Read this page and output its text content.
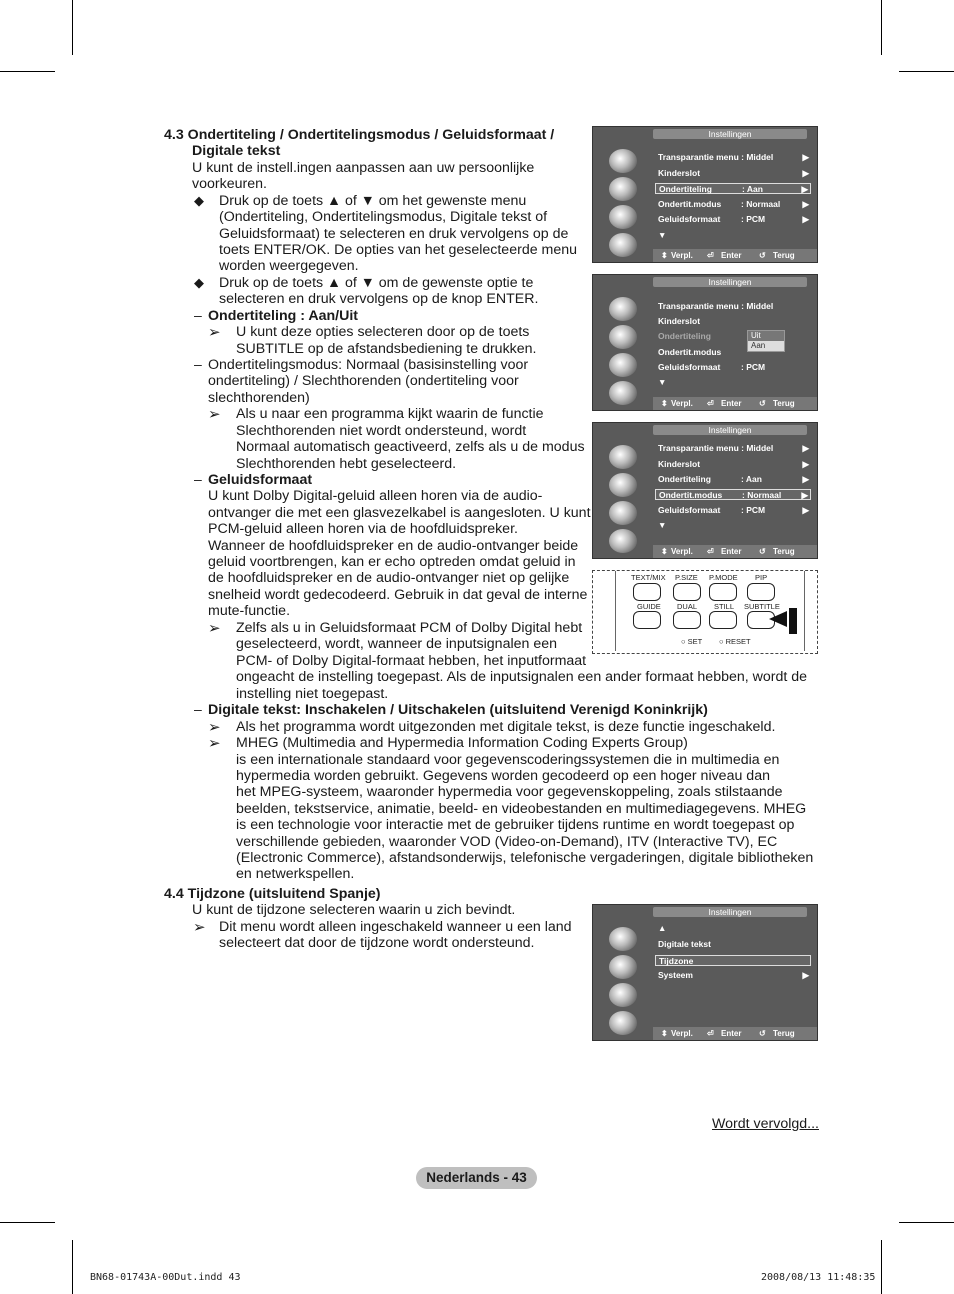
4.3 Ondertiteling / Ondertitelingsmodus / Geluidsformaat /
Digitale tekst
U kunt de instell.ingen aanpassen aan uw persoonlijke
voorkeuren.
◆ Druk op de toets ▲ of ▼ om het gewenste menu
(Ondertiteling, Ondertitelingsmodus, Digitale tekst of
Geluidsformaat) te selecteren en druk vervolgens op de
toets ENTER/OK. De opties van het geselecteerde menu
worden weergegeven.
◆ Druk op de toets ▲ of ▼ om de gewenste optie te
selecteren en druk vervolgens op de knop ENTER.
– Ondertiteling : Aan/Uit
➢ U kunt deze opties selecteren door op de toets
SUBTITLE op de afstandsbediening te drukken.
– Ondertitelingsmodus: Normaal (basisinstelling voor
ondertiteling) / Slechthorenden (ondertiteling voor
slechthorenden)
➢ Als u naar een programma kijkt waarin de functie
Slechthorenden niet wordt ondersteund, wordt
Normaal automatisch geactiveerd, zelfs als u de modus
Slechthorenden hebt geselecteerd.
– Geluidsformaat
U kunt Dolby Digital-geluid alleen horen via de audio-
ontvanger die met een glasvezelkabel is aangesloten. U kunt
PCM-geluid alleen horen via de hoofdluidspreker.
Wanneer de hoofdluidspreker en de audio-ontvanger beide
geluid voortbrengen, kan er echo optreden omdat geluid in
de hoofdluidspreker en de audio-ontvanger niet op gelijke
snelheid wordt gedecodeerd. Gebruik in dat geval de interne
mute-functie.
➢ Zelfs als u in Geluidsformaat PCM of Dolby Digital hebt
geselecteerd, wordt, wanneer de inputsignalen een
PCM- of Dolby Digital-formaat hebben, het inputformaat
ongeacht de instelling toegepast. Als de inputsignalen een ander formaat hebben, wordt de
instelling niet toegepast.
– Digitale tekst: Inschakelen / Uitschakelen (uitsluitend Verenigd Koninkrijk)
➢ Als het programma wordt uitgezonden met digitale tekst, is deze functie ingeschakeld.
➢ MHEG (Multimedia and Hypermedia Information Coding Experts Group)
is een internationale standaard voor gegevenscoderingssystemen die in multimedia en
hypermedia worden gebruikt. Gegevens worden gecodeerd op een hoger niveau dan
het MPEG-systeem, waaronder hypermedia voor gegevenskoppeling, zoals stilstaande
beelden, tekstservice, animatie, beeld- en videobestanden en multimediagegevens. MHEG
is een technologie voor interactie met de gebruiker tijdens runtime en wordt toegepast op
verschillende gebieden, waaronder VOD (Video-on-Demand), ITV (Interactive TV), EC
(Electronic Commerce), afstandsonderwijs, telefonische vergaderingen, digitale bibliotheken
en netwerkspellen.
4.4 Tijdzone (uitsluitend Spanje)
U kunt de tijdzone selecteren waarin u zich bevindt.
➢ Dit menu wordt alleen ingeschakeld wanneer u een land
selecteert dat door de tijdzone wordt ondersteund.
Instellingen
Transparantie menu : Middel	▶
Kinderslot	▶
Ondertiteling	: Aan	▶
Ondertit.modus : Normaal	▶
Geluidsformaat : PCM	▶
▼
⬍ Verpl. ⏎ Enter ↺ Terug
Instellingen
Transparantie menu : Middel
Kinderslot
Ondertiteling
Ondertit.modus
Geluidsformaat : PCM
▼
Uit
Aan
⬍ Verpl. ⏎ Enter ↺ Terug
Instellingen
Transparantie menu : Middel	▶
Kinderslot	▶
Ondertiteling	: Aan	▶
Ondertit.modus : Normaal ▶
Geluidsformaat : PCM	▶
▼
⬍ Verpl. ⏎ Enter ↺ Terug
TEXT/MIX P.SIZE P.MODE PIP
GUIDE DUAL STILL SUBTITLE
○ SET ○ RESET
Instellingen
▲
Digitale tekst
Tijdzone
Systeem	▶
⬍ Verpl. ⏎ Enter ↺ Terug
Wordt vervolgd...
Nederlands - 43
BN68-01743A-00Dut.indd 43	2008/08/13 11:48:35
